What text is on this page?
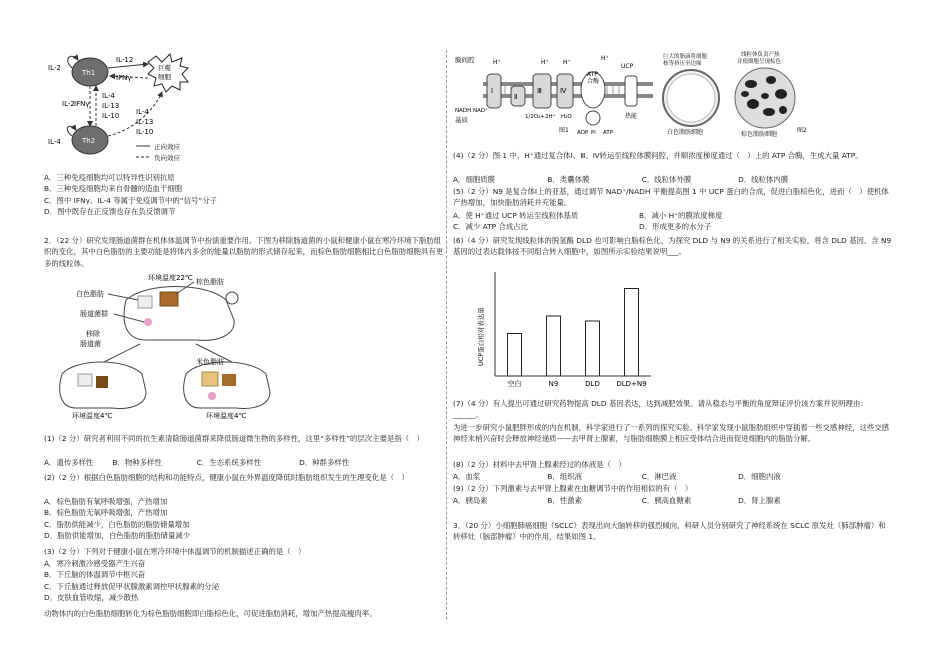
Th1
Th2
巨噬
细胞
IL-2
IL-4
IL-12
IFNγ
IL-2 IFNγ
IL-4
IL-13
IL-10 IL-4
IL-13
IL-10
正向效应
负向效应
A．三种免疫细胞均可以特异性识别抗原
B．三种免疫细胞均来自骨髓的造血干细胞
C．图中 IFNγ、IL-4 等属于免疫调节中的“信号”分子
D．图中既存在正反馈也存在负反馈调节
2．（22 分）研究发现肠道菌群在机体体温调节中扮演重要作用。下图为移除肠道菌的小鼠和健康小鼠在寒冷环境下脂肪组织的变化，其中白色脂肪的主要功能是将体内多余的能量以脂肪的形式储存起来，而棕色脂肪细胞相比白色脂肪细胞具有更多的线粒体。
环境温度22℃
白色脂肪
棕色脂肪
肠道菌群
移除
肠道菌
米色脂肪
环境温度4℃	环境温度4℃
(1)（2 分）研究者利用不同的抗生素清除肠道菌群来降低肠道微生物的多样性，这里“多样性”的层次主要是指（　）
A．遗传多样性	B．物种多样性	C．生态系统多样性	D．种群多样性
(2)（2 分）根据白色脂肪细胞的结构和功能特点，健康小鼠在外界温度降低时脂肪组织发生的生理变化是（　）
A．棕色脂肪有氧呼吸增强，产热增加
B．棕色脂肪无氧呼吸增强，产热增加
C．脂肪供能减少，白色脂肪的脂肪储量增加
D．脂肪供能增加，白色脂肪的脂肪储量减少
(3)（2 分）下列对于健康小鼠在寒冷环境中体温调节的机制描述正确的是（　）
A．寒冷刺激冷感受器产生兴奋
B．下丘脑的体温调节中枢兴奋
C．下丘脑通过释放促甲状腺激素调控甲状腺素的分泌
D．皮肤血管收缩，减少散热
动物体内的白色脂肪细胞转化为棕色脂肪细胞即白脂棕色化，可促进脂肪消耗，增加产热提高瘦肉率。
膜间腔
基质
Ⅰ
Ⅱ
Ⅲ	Ⅳ
ATP
合酶
UCP
H⁺	H⁺ H⁺
H⁺
NADH NAD⁺
1/2O₂+2H⁺ H₂O
ADP Pi ATP
热能
图1
巨大的脂滴将细胞
核等挤压至边缘
白色脂肪细胞
线粒体负责产热
并使细胞呈现棕色
棕色脂肪细胞
图2
(4)（2 分）图 1 中，H⁺通过复合体Ⅰ、Ⅲ、Ⅳ转运至线粒体膜间腔，并顺浓度梯度通过（　）上的 ATP 合酶，生成大量 ATP。
A．细胞质膜	B．类囊体膜	C．线粒体外膜	D．线粒体内膜
(5)（2 分）N9 是复合体Ⅰ上的亚基，通过调节 NAD⁺/NADH 平衡提高图 1 中 UCP 蛋白的合成，促进白脂棕色化，进而（　）使机体产热增加，加快脂肪消耗并充能量。
A．使 H⁺通过 UCP 转运至线粒体基质	B．减小 H⁺的膜浓度梯度
C．减少 ATP 合成占比	D．形成更多的水分子
(6)（4 分）研究发现线粒体的脱氢酶 DLD 也可影响白脂棕色化，为探究 DLD 与 N9 的关系进行了相关实验，将含 DLD 基因、含 N9 基因的过表达载体按不同组合转入细胞中，如图所示实验结果说明___。
UCP蛋白相对表达量
空白	N9	DLD DLD+N9
(7)（4 分）有人提出可通过研究药物提高 DLD 基因表达，达到减肥效果。请从稳态与平衡的角度辩证评价该方案并说明理由：______。
为进一步研究小鼠肥胖形成的内在机制，科学家进行了一系列的探究实验。科学家发现小鼠脂肪组织中穿插着一些交感神经，这些交感神经末梢兴奋时会释放神经递质——去甲肾上腺素，与脂肪细胞膜上相应受体结合进而促进细胞内的脂肪分解。
(8)（2 分）材料中去甲肾上腺素经过的体液是（　）
A．血浆	B．组织液	C．淋巴液	D．细胞内液
(9)（2 分）下列激素与去甲肾上腺素在血糖调节中的作用相似的有（　）
A．胰岛素	B．性激素	C．胰高血糖素	D．肾上腺素
3．（20 分）小细胞肺癌细胞（SCLC）表现出向大脑转移的强烈倾向，科研人员分别研究了神经系统在 SCLC 原发灶（肺部肿瘤）和转移灶（脑部肿瘤）中的作用，结果如图 1。
